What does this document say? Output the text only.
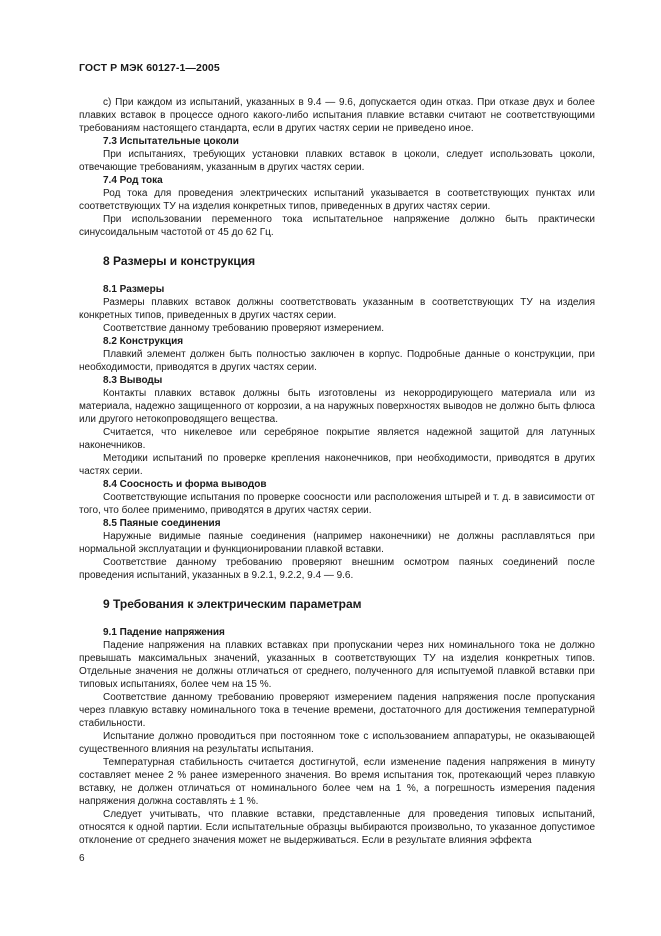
ГОСТ Р МЭК 60127-1—2005

c) При каждом из испытаний, указанных в 9.4 — 9.6, допускается один отказ. При отказе двух и более плавких вставок в процессе одного какого-либо испытания плавкие вставки считают не соответствующими требованиям настоящего стандарта, если в других частях серии не приведено иное.

7.3 Испытательные цоколи

При испытаниях, требующих установки плавких вставок в цоколи, следует использовать цоколи, отвечающие требованиям, указанным в других частях серии.

7.4 Род тока

Род тока для проведения электрических испытаний указывается в соответствующих пунктах или соответствующих ТУ на изделия конкретных типов, приведенных в других частях серии.

При использовании переменного тока испытательное напряжение должно быть практически синусоидальным частотой от 45 до 62 Гц.

8 Размеры и конструкция

8.1 Размеры

Размеры плавких вставок должны соответствовать указанным в соответствующих ТУ на изделия конкретных типов, приведенных в других частях серии.

Соответствие данному требованию проверяют измерением.

8.2 Конструкция

Плавкий элемент должен быть полностью заключен в корпус. Подробные данные о конструкции, при необходимости, приводятся в других частях серии.

8.3 Выводы

Контакты плавких вставок должны быть изготовлены из некорродирующего материала или из материала, надежно защищенного от коррозии, а на наружных поверхностях выводов не должно быть флюса или другого нетокопроводящего вещества.

Считается, что никелевое или серебряное покрытие является надежной защитой для латунных наконечников.

Методики испытаний по проверке крепления наконечников, при необходимости, приводятся в других частях серии.

8.4 Соосность и форма выводов

Соответствующие испытания по проверке соосности или расположения штырей и т. д. в зависимости от того, что более применимо, приводятся в других частях серии.

8.5 Паяные соединения

Наружные видимые паяные соединения (например наконечники) не должны расплавляться при нормальной эксплуатации и функционировании плавкой вставки.

Соответствие данному требованию проверяют внешним осмотром паяных соединений после проведения испытаний, указанных в 9.2.1, 9.2.2, 9.4 — 9.6.

9 Требования к электрическим параметрам

9.1 Падение напряжения

Падение напряжения на плавких вставках при пропускании через них номинального тока не должно превышать максимальных значений, указанных в соответствующих ТУ на изделия конкретных типов. Отдельные значения не должны отличаться от среднего, полученного для испытуемой плавкой вставки при типовых испытаниях, более чем на 15 %.

Соответствие данному требованию проверяют измерением падения напряжения после пропускания через плавкую вставку номинального тока в течение времени, достаточного для достижения температурной стабильности.

Испытание должно проводиться при постоянном токе с использованием аппаратуры, не оказывающей существенного влияния на результаты испытания.

Температурная стабильность считается достигнутой, если изменение падения напряжения в минуту составляет менее 2 % ранее измеренного значения. Во время испытания ток, протекающий через плавкую вставку, не должен отличаться от номинального более чем на 1 %, а погрешность измерения падения напряжения должна составлять ± 1 %.

Следует учитывать, что плавкие вставки, представленные для проведения типовых испытаний, относятся к одной партии. Если испытательные образцы выбираются произвольно, то указанное допустимое отклонение от среднего значения может не выдерживаться. Если в результате влияния эффекта

6
